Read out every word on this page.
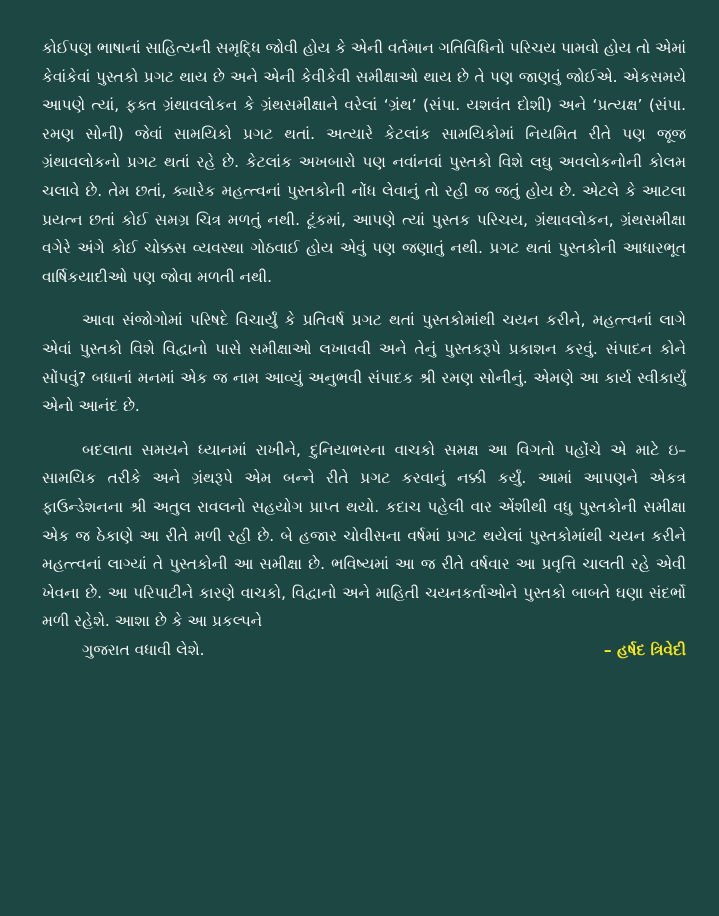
કોઈપણ ભાષાનાં સાહિત્યની સમૃદ્ધિ જોવી હોય કે એની વર્તમાન ગતિવિધિનો પરિચય પામવો હોય તો એમાં કેવાંકેવાં પુસ્તકો પ્રગટ થાય છે અને એની કેવીકેવી સમીક્ષાઓ થાય છે તે પણ જાણવું જોઈએ. એકસમયે આપણે ત્યાં, ફક્ત ગ્રંથાવલોકન કે ગ્રંથસમીક્ષાને વરેલાં ‘ગ્રંથ’ (સંપા. યશવંત દોશી) અને ‘પ્રત્યક્ષ’ (સંપા. રમણ સોની) જેવાં સામયિકો પ્રગટ થતાં. અત્યારે કેટલાંક સામયિકોમાં નિયમિત રીતે પણ જૂજ ગ્રંથાવલોકનો પ્રગટ થતાં રહે છે. કેટલાંક અખબારો પણ નવાંનવાં પુસ્તકો વિશે લઘુ અવલોકનોની કોલમ ચલાવે છે. તેમ છતાં, ક્યારેક મહત્ત્વનાં પુસ્તકોની નોંધ લેવાનું તો રહી જ જતું હોય છે. એટલે કે આટલા પ્રયત્ન છતાં કોઈ સમગ્ર ચિત્ર મળતું નથી. ટૂંકમાં, આપણે ત્યાં પુસ્તક પરિચય, ગ્રંથાવલોકન, ગ્રંથસમીક્ષા વગેરે અંગે કોઈ ચોક્કસ વ્યવસ્થા ગોઠવાઈ હોય એવું પણ જણાતું નથી. પ્રગટ થતાં પુસ્તકોની આધારભૂત વાર્ષિકયાદીઓ પણ જોવા મળતી નથી.

આવા સંજોગોમાં પરિષદે વિચાર્યું કે પ્રતિવર્ષ પ્રગટ થતાં પુસ્તકોમાંથી ચયન કરીને, મહત્ત્વનાં લાગે એવાં પુસ્તકો વિશે વિદ્વાનો પાસે સમીક્ષાઓ લખાવવી અને તેનું પુસ્તકરૂપે પ્રકાશન કરવું. સંપાદન કોને સોંપવું? બધાનાં મનમાં એક જ નામ આવ્યું અનુભવી સંપાદક શ્રી રમણ સોનીનું. એમણે આ કાર્ય સ્વીકાર્યું એનો આનંદ છે.

બદલાતા સમયને ધ્યાનમાં રાખીને, દુનિયાભરના વાચકો સમક્ષ આ વિગતો પહોંચે એ માટે ઇ–સામયિક તરીકે અને ગ્રંથરૂપે એમ બન્ને રીતે પ્રગટ કરવાનું નક્કી કર્યું. આમાં આપણને એકત્ર ફાઉન્ડેશનના શ્રી અતુલ રાવલનો સહયોગ પ્રાપ્ત થયો. કદાચ પહેલી વાર એંશીથી વધુ પુસ્તકોની સમીક્ષા એક જ ઠેકાણે આ રીતે મળી રહી છે. બે હજાર ચોવીસના વર્ષમાં પ્રગટ થયેલાં પુસ્તકોમાંથી ચયન કરીને મહત્ત્વનાં લાગ્યાં તે પુસ્તકોની આ સમીક્ષા છે. ભવિષ્યમાં આ જ રીતે વર્ષવાર આ પ્રવૃત્તિ ચાલતી રહે એવી ખેવના છે. આ પરિપાટીને કારણે વાચકો, વિદ્વાનો અને માહિતી ચયનકર્તાઓને પુસ્તકો બાબતે ઘણા સંદર્ભો મળી રહેશે. આશા છે કે આ પ્રકલ્પને
ગુજરાત વધાવી લેશે.	– હર્ષદ ત્રિવેદી
